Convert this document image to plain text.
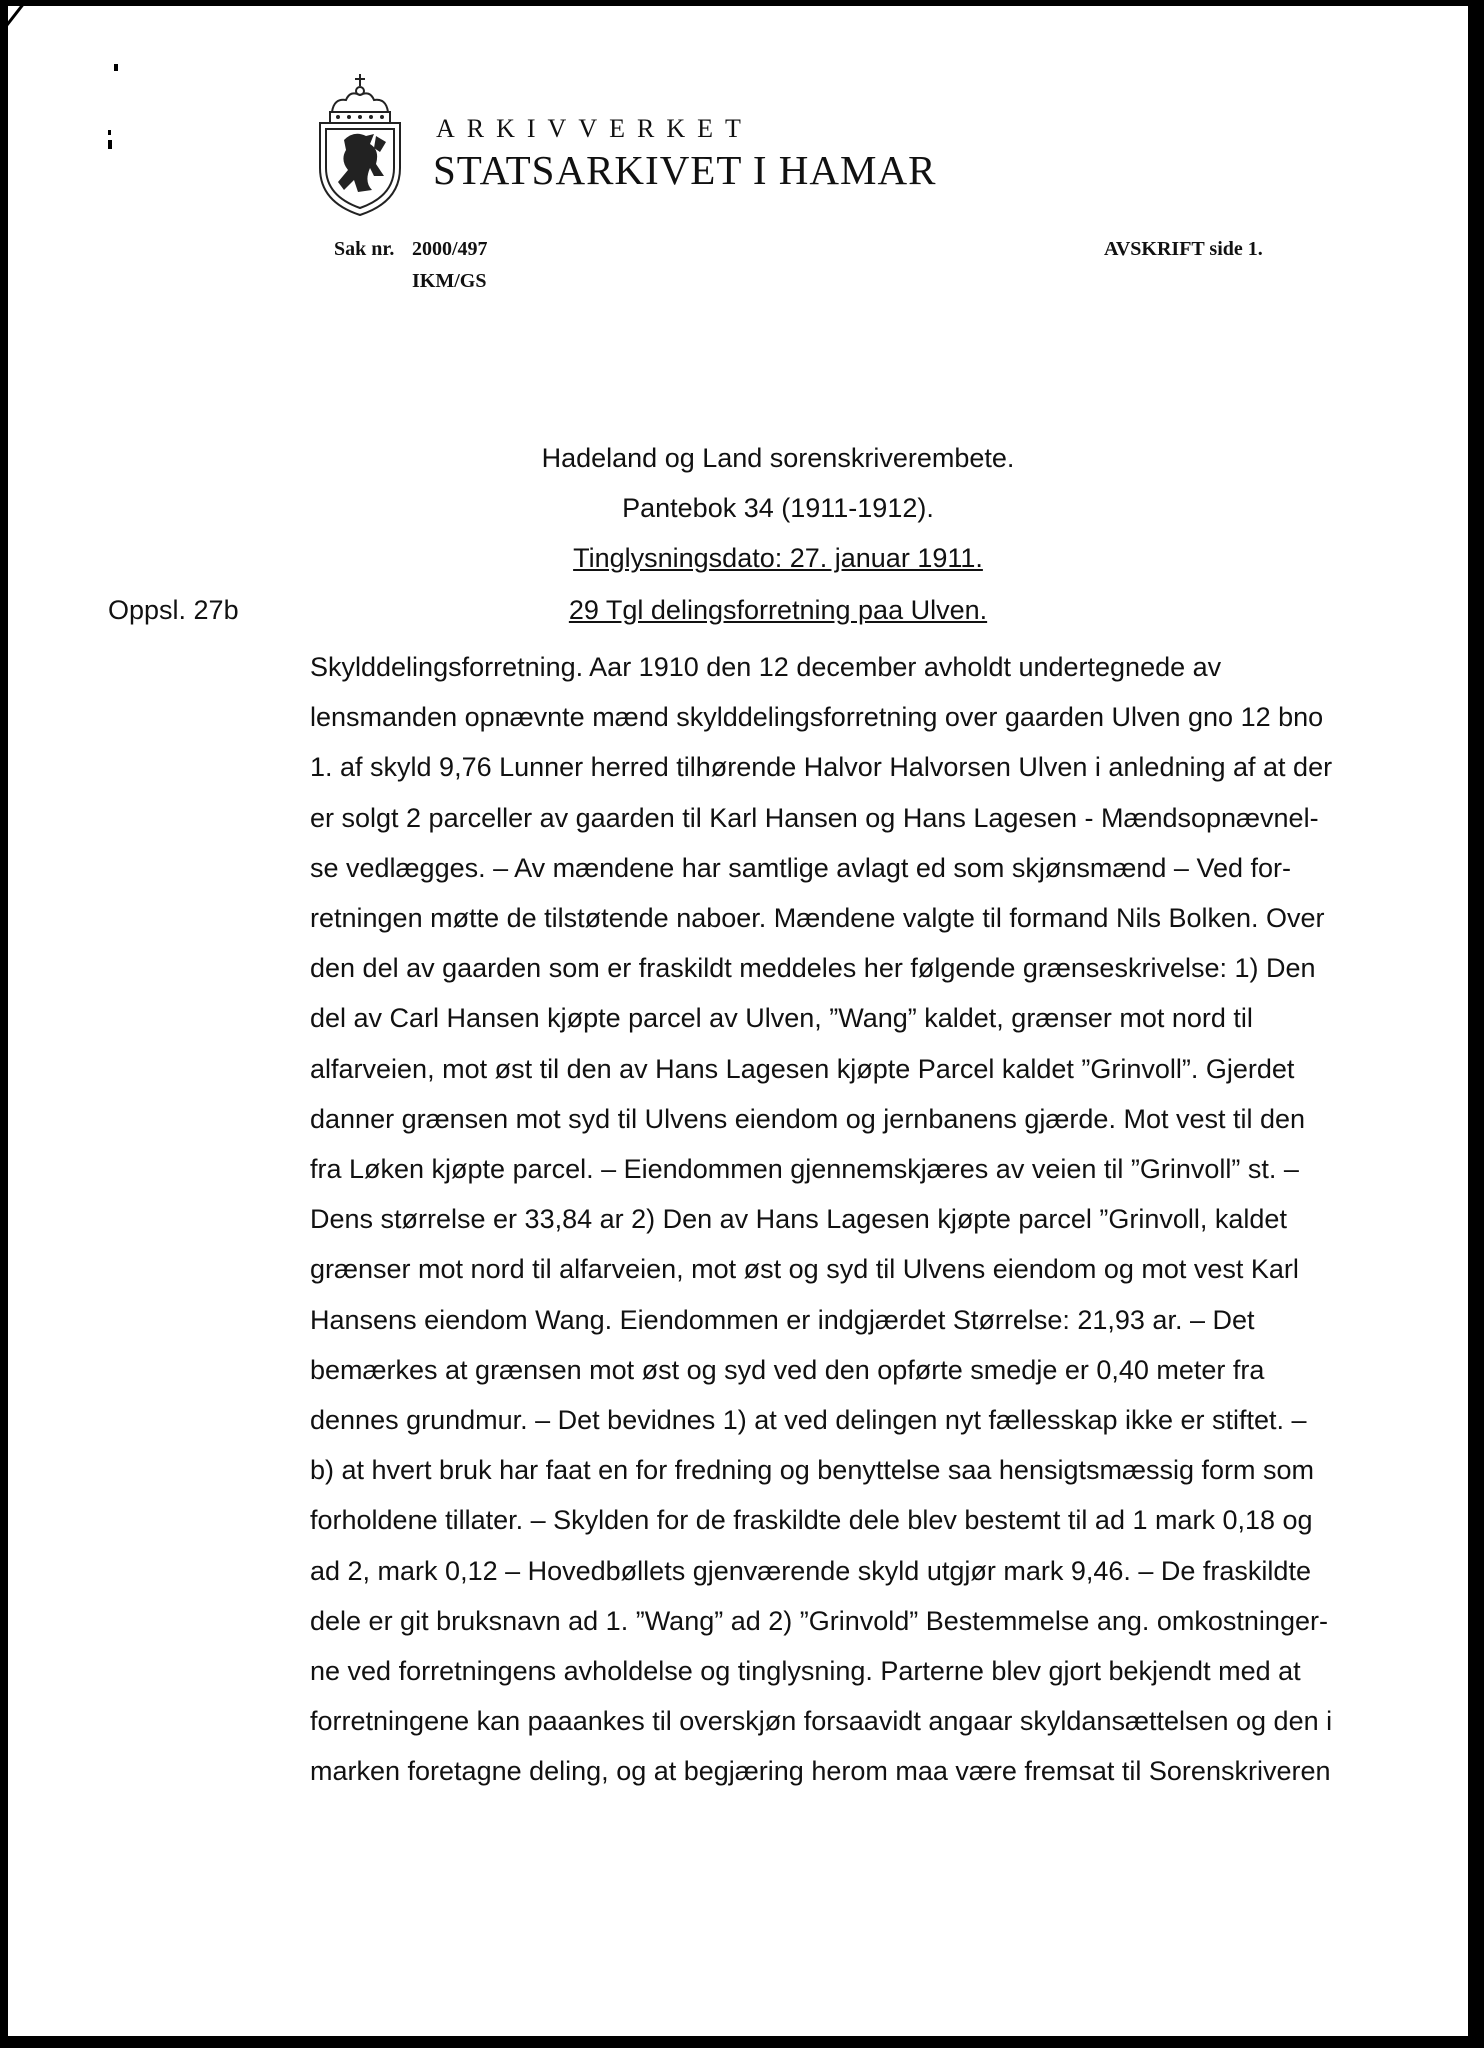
ARKIVVERKET
STATSARKIVET I HAMAR
Sak nr. 2000/497
IKM/GS
AVSKRIFT side 1.
Hadeland og Land sorenskriverembete.
Pantebok 34 (1911-1912).
Tinglysningsdato: 27. januar 1911.
29 Tgl delingsforretning paa Ulven.
Oppsl. 27b
Skylddelingsforretning. Aar 1910 den 12 december avholdt undertegnede av
lensmanden opnævnte mænd skylddelingsforretning over gaarden Ulven gno 12 bno
1. af skyld 9,76 Lunner herred tilhørende Halvor Halvorsen Ulven i anledning af at der
er solgt 2 parceller av gaarden til Karl Hansen og Hans Lagesen - Mændsopnævnel-
se vedlægges. – Av mændene har samtlige avlagt ed som skjønsmænd – Ved for-
retningen møtte de tilstøtende naboer. Mændene valgte til formand Nils Bolken. Over
den del av gaarden som er fraskildt meddeles her følgende grænseskrivelse: 1) Den
del av Carl Hansen kjøpte parcel av Ulven, ”Wang” kaldet, grænser mot nord til
alfarveien, mot øst til den av Hans Lagesen kjøpte Parcel kaldet ”Grinvoll”. Gjerdet
danner grænsen mot syd til Ulvens eiendom og jernbanens gjærde. Mot vest til den
fra Løken kjøpte parcel. – Eiendommen gjennemskjæres av veien til ”Grinvoll” st. –
Dens størrelse er 33,84 ar 2) Den av Hans Lagesen kjøpte parcel ”Grinvoll, kaldet
grænser mot nord til alfarveien, mot øst og syd til Ulvens eiendom og mot vest Karl
Hansens eiendom Wang. Eiendommen er indgjærdet Størrelse: 21,93 ar. – Det
bemærkes at grænsen mot øst og syd ved den opførte smedje er 0,40 meter fra
dennes grundmur. – Det bevidnes 1) at ved delingen nyt fællesskap ikke er stiftet. –
b) at hvert bruk har faat en for fredning og benyttelse saa hensigtsmæssig form som
forholdene tillater. – Skylden for de fraskildte dele blev bestemt til ad 1 mark 0,18 og
ad 2, mark 0,12 – Hovedbøllets gjenværende skyld utgjør mark 9,46. – De fraskildte
dele er git bruksnavn ad 1. ”Wang” ad 2) ”Grinvold” Bestemmelse ang. omkostninger-
ne ved forretningens avholdelse og tinglysning. Parterne blev gjort bekjendt med at
forretningene kan paaankes til overskjøn forsaavidt angaar skyldansættelsen og den i
marken foretagne deling, og at begjæring herom maa være fremsat til Sorenskriveren
